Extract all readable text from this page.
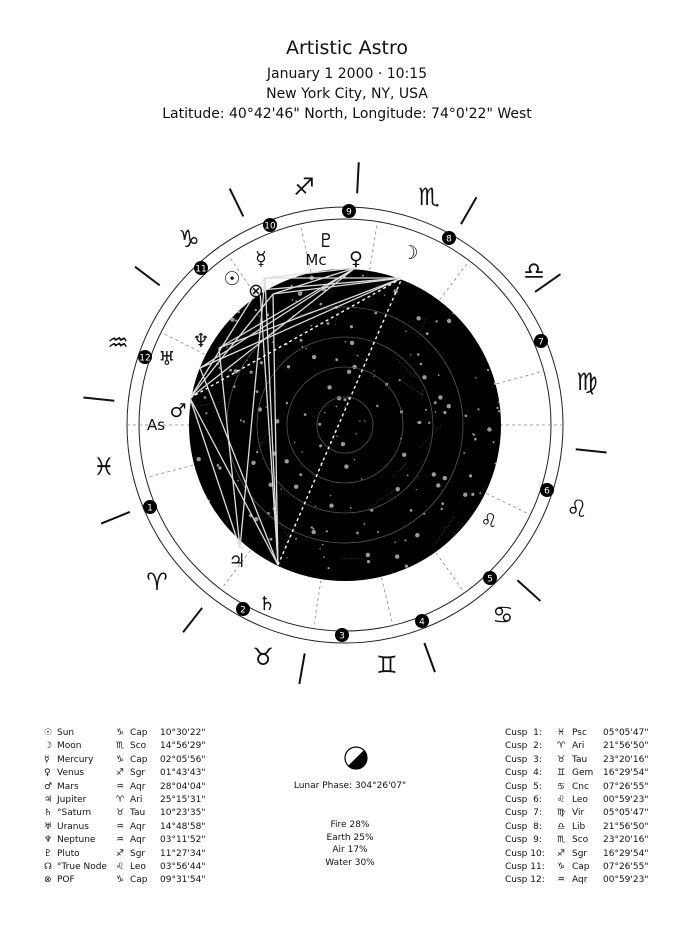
Artistic Astro
January 1 2000 · 10:15
New York City, NY, USA
Latitude: 40°42'46" North, Longitude: 74°0'22" West
♏
♐
♑
♒
♓
♈
♉	♊
♋
♌
♍
♎
1
2
3
4
5
6
7
8
9
10
11
12
☉
☽
☿	♀
♂
♃
♄
♅
♆
♇
⊗
♌
As
Mc
☉ Sun	♑ Cap 10°30'22"
☽ Moon	♏ Sco 14°56'29"
☿ Mercury	♑ Cap 02°05'56"
♀ Venus	♐ Sgr 01°43'43"
♂ Mars	♒ Aqr 28°04'04"
♃ Jupiter	♈ Ari 25°15'31"
♄ °Saturn	♉ Tau 10°23'35"
♅ Uranus	♒ Aqr 14°48'58"
♆ Neptune ♒ Aqr 03°11'52"
♇ Pluto	♐ Sgr 11°27'34"
☊ °True Node ♌ Leo 03°56'44"
⊗ POF	♑ Cap 09°31'54"
Lunar Phase: 304°26'07"
Fire 28%
Earth 25%
Air 17%
Water 30%
Cusp  1: ♓ Psc 05°05'47"
Cusp  2: ♈ Ari 21°56'50"
Cusp  3: ♉ Tau 23°20'16"
Cusp  4: ♊ Gem 16°29'54"
Cusp  5: ♋ Cnc 07°26'55"
Cusp  6: ♌ Leo 00°59'23"
Cusp  7: ♍ Vir 05°05'47"
Cusp  8: ♎ Lib 21°56'50"
Cusp  9: ♏ Sco 23°20'16"
Cusp 10: ♐ Sgr 16°29'54"
Cusp 11: ♑ Cap 07°26'55"
Cusp 12: ♒ Aqr 00°59'23"
